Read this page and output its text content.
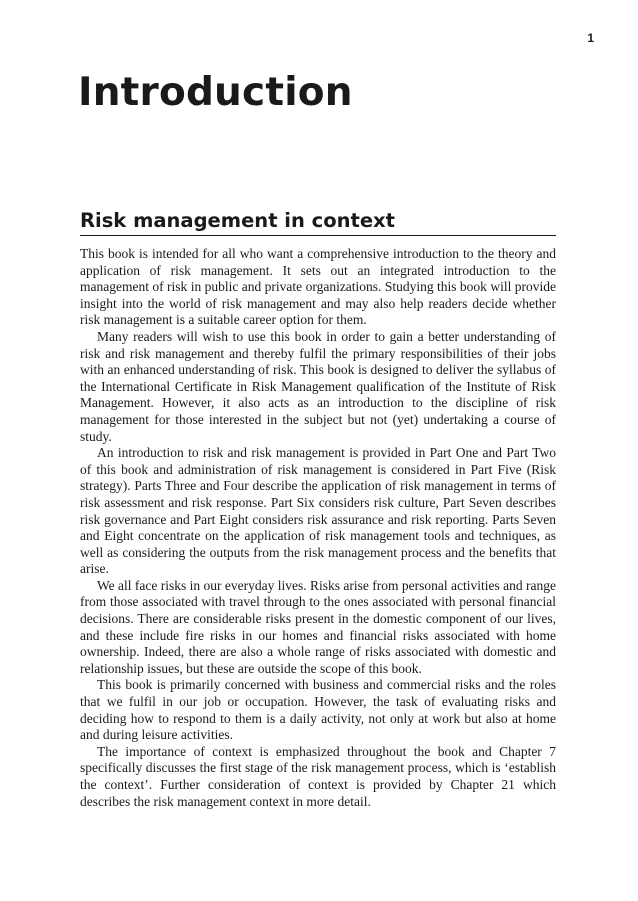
1
Introduction
Risk management in context

This book is intended for all who want a comprehensive introduction to the theory and application of risk management. It sets out an integrated introduction to the management of risk in public and private organizations. Studying this book will provide insight into the world of risk management and may also help readers decide whether risk management is a suitable career option for them.

Many readers will wish to use this book in order to gain a better understanding of risk and risk management and thereby fulfil the primary responsibilities of their jobs with an enhanced understanding of risk. This book is designed to deliver the syllabus of the International Certificate in Risk Management qualification of the Institute of Risk Management. However, it also acts as an introduction to the discipline of risk management for those interested in the subject but not (yet) undertaking a course of study.

An introduction to risk and risk management is provided in Part One and Part Two of this book and administration of risk management is considered in Part Five (Risk strategy). Parts Three and Four describe the application of risk management in terms of risk assessment and risk response. Part Six considers risk culture, Part Seven describes risk governance and Part Eight considers risk assurance and risk reporting. Parts Seven and Eight concentrate on the application of risk management tools and techniques, as well as considering the outputs from the risk management process and the benefits that arise.

We all face risks in our everyday lives. Risks arise from personal activities and range from those associated with travel through to the ones associated with personal financial decisions. There are considerable risks present in the domestic component of our lives, and these include fire risks in our homes and financial risks associated with home ownership. Indeed, there are also a whole range of risks associated with domestic and relationship issues, but these are outside the scope of this book.

This book is primarily concerned with business and commercial risks and the roles that we fulfil in our job or occupation. However, the task of evaluating risks and deciding how to respond to them is a daily activity, not only at work but also at home and during leisure activities.

The importance of context is emphasized throughout the book and Chapter 7 specifically discusses the first stage of the risk management process, which is ‘establish the context’. Further consideration of context is provided by Chapter 21 which describes the risk management context in more detail.
